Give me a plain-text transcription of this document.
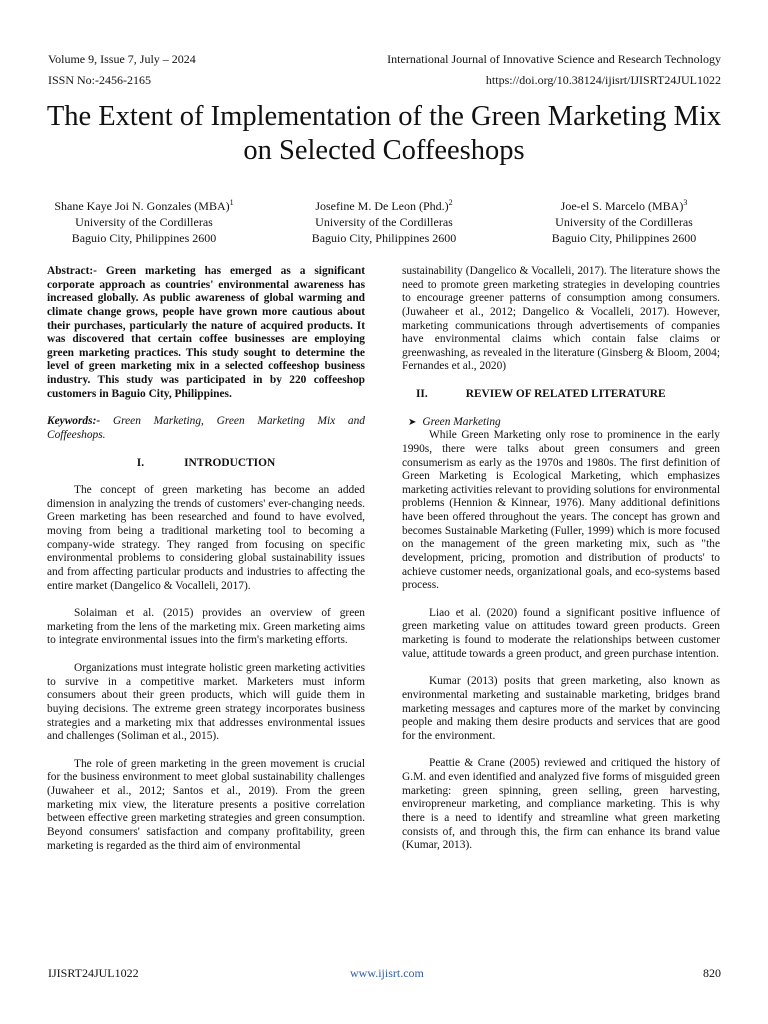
Volume 9, Issue 7, July – 2024	International Journal of Innovative Science and Research Technology
ISSN No:-2456-2165	https://doi.org/10.38124/ijisrt/IJISRT24JUL1022
The Extent of Implementation of the Green Marketing Mix on Selected Coffeeshops
Shane Kaye Joi N. Gonzales (MBA)$^1$
University of the Cordilleras
Baguio City, Philippines 2600
Josefine M. De Leon $(Phd.)^2$
University of the Cordilleras
Baguio City, Philippines 2600
Joe-el S. Marcelo (MBA)$^3$
University of the Cordilleras
Baguio City, Philippines 2600

Abstract:- Green marketing has emerged as a significant corporate approach as countries' environmental awareness has increased globally. As public awareness of global warming and climate change grows, people have grown more cautious about their purchases, particularly the nature of acquired products. It was discovered that certain coffee businesses are employing green marketing practices. This study sought to determine the level of green marketing mix in a selected coffeeshop business industry. This study was participated in by 220 coffeeshop customers in Baguio City, Philippines.

Keywords:- Green Marketing, Green Marketing Mix and Coffeeshops.

I.	INTRODUCTION

The concept of green marketing has become an added dimension in analyzing the trends of customers' ever-changing needs. Green marketing has been researched and found to have evolved, moving from being a traditional marketing tool to becoming a company-wide strategy. They ranged from focusing on specific environmental problems to considering global sustainability issues and from affecting particular products and industries to affecting the entire market (Dangelico & Vocalleli, 2017).

Solaiman et al. (2015) provides an overview of green marketing from the lens of the marketing mix. Green marketing aims to integrate environmental issues into the firm's marketing efforts.

Organizations must integrate holistic green marketing activities to survive in a competitive market. Marketers must inform consumers about their green products, which will guide them in buying decisions. The extreme green strategy incorporates business strategies and a marketing mix that addresses environmental issues and challenges (Soliman et al., 2015).

The role of green marketing in the green movement is crucial for the business environment to meet global sustainability challenges (Juwaheer et al., 2012; Santos et al., 2019). From the green marketing mix view, the literature presents a positive correlation between effective green marketing strategies and green consumption. Beyond consumers' satisfaction and company profitability, green marketing is regarded as the third aim of environmental

sustainability (Dangelico & Vocalleli, 2017). The literature shows the need to promote green marketing strategies in developing countries to encourage greener patterns of consumption among consumers. (Juwaheer et al., 2012; Dangelico & Vocalleli, 2017). However, marketing communications through advertisements of companies have environmental claims which contain false claims or greenwashing, as revealed in the literature (Ginsberg & Bloom, 2004; Fernandes et al., 2020)

II.	REVIEW OF RELATED LITERATURE
➤ Green Marketing

While Green Marketing only rose to prominence in the early 1990s, there were talks about green consumers and green consumerism as early as the 1970s and 1980s. The first definition of Green Marketing is Ecological Marketing, which emphasizes marketing activities relevant to providing solutions for environmental problems (Hennion & Kinnear, 1976). Many additional definitions have been offered throughout the years. The concept has grown and becomes Sustainable Marketing (Fuller, 1999) which is more focused on the management of the green marketing mix, such as "the development, pricing, promotion and distribution of products' to achieve customer needs, organizational goals, and eco-systems based process.

Liao et al. (2020) found a significant positive influence of green marketing value on attitudes toward green products. Green marketing is found to moderate the relationships between customer value, attitude towards a green product, and green purchase intention.

Kumar (2013) posits that green marketing, also known as environmental marketing and sustainable marketing, bridges brand marketing messages and captures more of the market by convincing people and making them desire products and services that are good for the environment.

Peattie & Crane (2005) reviewed and critiqued the history of G.M. and even identified and analyzed five forms of misguided green marketing: green spinning, green selling, green harvesting, enviropreneur marketing, and compliance marketing. This is why there is a need to identify and streamline what green marketing consists of, and through this, the firm can enhance its brand value (Kumar, 2013).

IJISRT24JUL1022	www.ijisrt.com	820
